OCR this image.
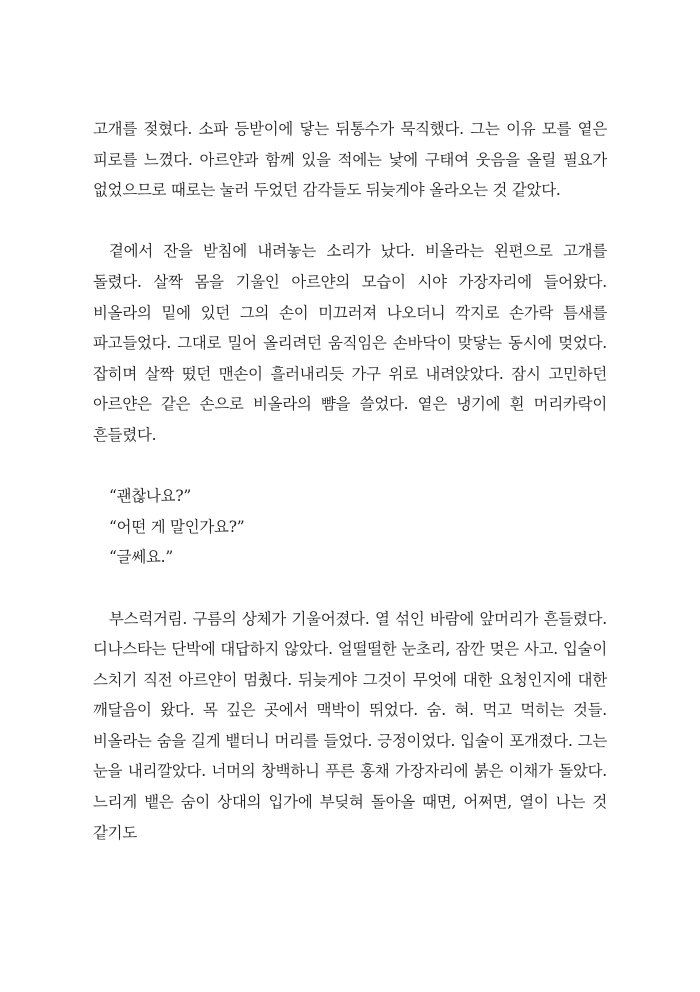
고개를 젖혔다. 소파 등받이에 닿는 뒤통수가 묵직했다. 그는 이유 모를 옅은 피로를 느꼈다. 아르얀과 함께 있을 적에는 낯에 구태여 웃음을 올릴 필요가 없었으므로 때로는 눌러 두었던 감각들도 뒤늦게야 올라오는 것 같았다.

곁에서 잔을 받침에 내려놓는 소리가 났다. 비올라는 왼편으로 고개를 돌렸다. 살짝 몸을 기울인 아르얀의 모습이 시야 가장자리에 들어왔다. 비올라의 밑에 있던 그의 손이 미끄러져 나오더니 깍지로 손가락 틈새를 파고들었다. 그대로 밀어 올리려던 움직임은 손바닥이 맞닿는 동시에 멎었다. 잡히며 살짝 떴던 맨손이 흘러내리듯 가구 위로 내려앉았다. 잠시 고민하던 아르얀은 같은 손으로 비올라의 뺨을 쓸었다. 옅은 냉기에 흰 머리카락이 흔들렸다.

“괜찮나요?”
“어떤 게 말인가요?”
“글쎄요.”

부스럭거림. 구름의 상체가 기울어졌다. 열 섞인 바람에 앞머리가 흔들렸다. 디나스타는 단박에 대답하지 않았다. 얼떨떨한 눈초리, 잠깐 멎은 사고. 입술이 스치기 직전 아르얀이 멈췄다. 뒤늦게야 그것이 무엇에 대한 요청인지에 대한 깨달음이 왔다. 목 깊은 곳에서 맥박이 뛰었다. 숨. 혀. 먹고 먹히는 것들. 비올라는 숨을 길게 뱉더니 머리를 들었다. 긍정이었다. 입술이 포개졌다. 그는 눈을 내리깔았다. 너머의 창백하니 푸른 홍채 가장자리에 붉은 이채가 돌았다. 느리게 뱉은 숨이 상대의 입가에 부딪혀 돌아올 때면, 어쩌면, 열이 나는 것 같기도
